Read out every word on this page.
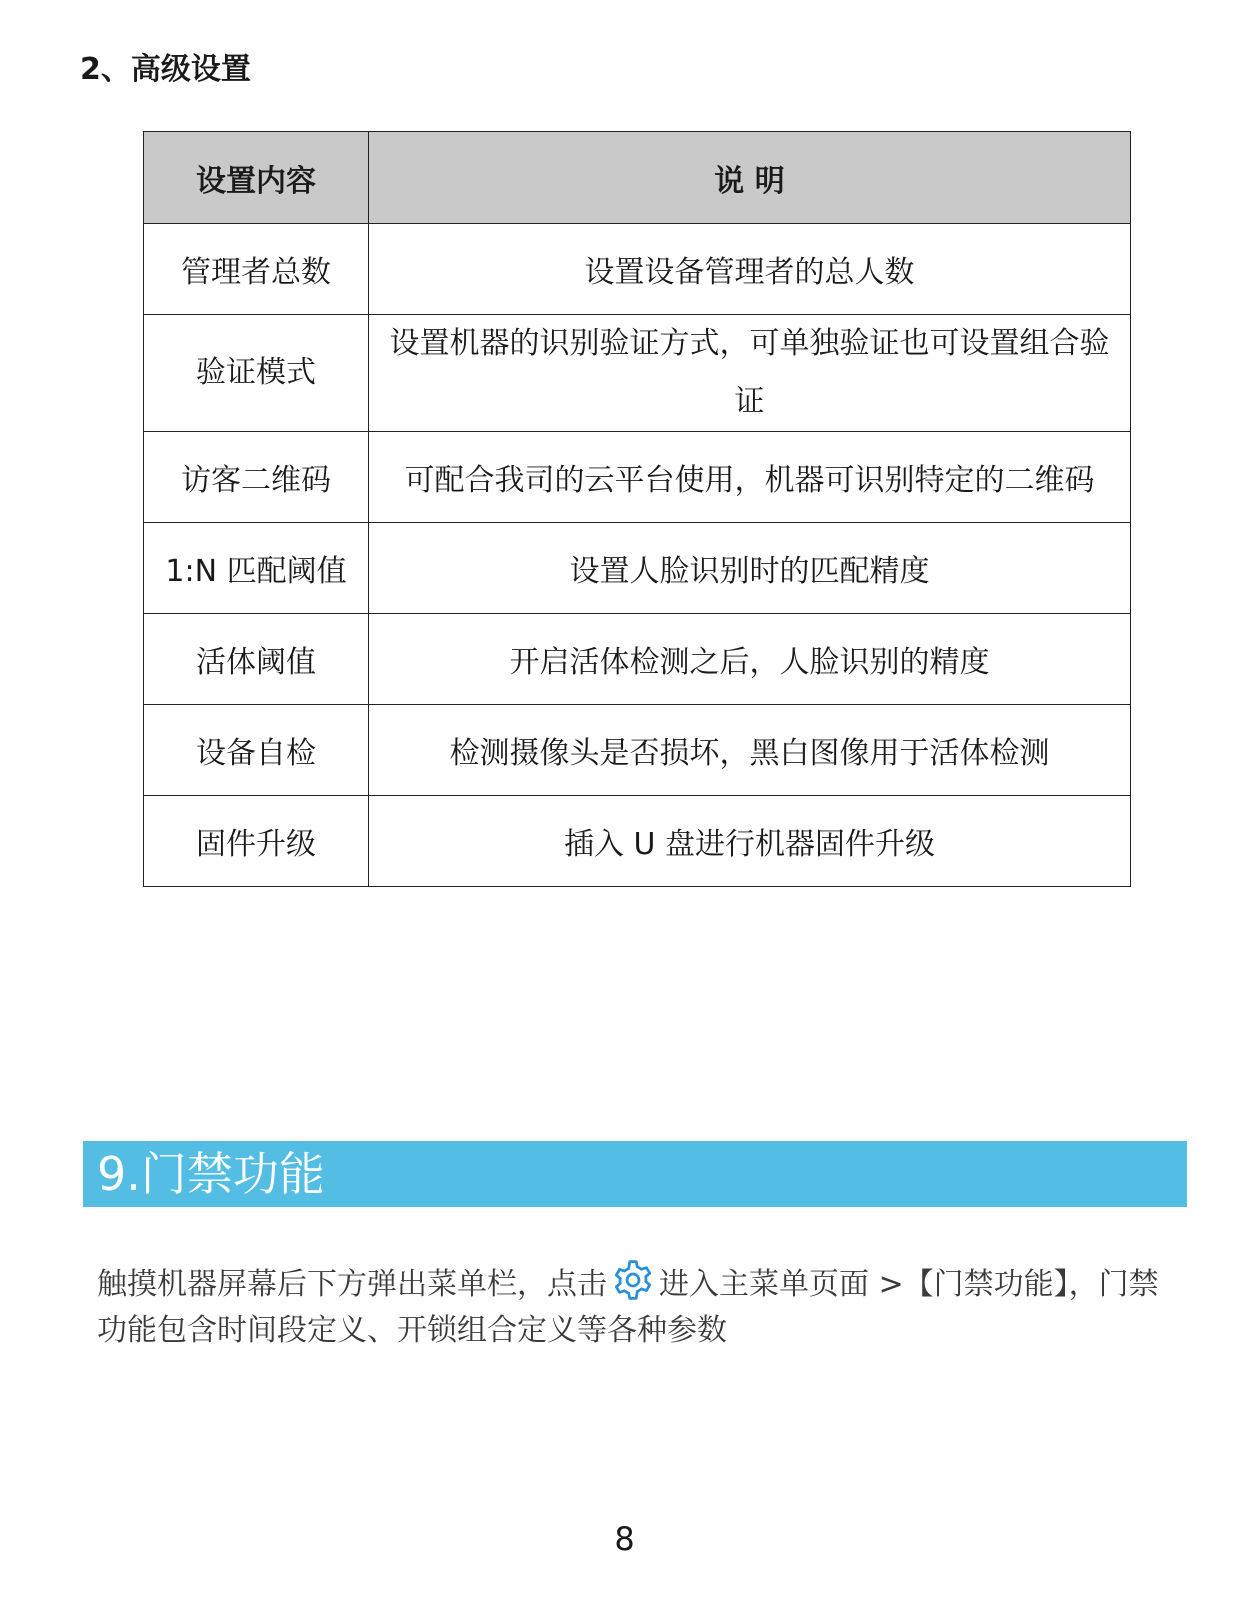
2、高级设置
设置内容	说 明
管理者总数	设置设备管理者的总人数
验证模式	设置机器的识别验证方式，可单独验证也可设置组合验证
访客二维码	可配合我司的云平台使用，机器可识别特定的二维码
1:N 匹配阈值	设置人脸识别时的匹配精度
活体阈值	开启活体检测之后，人脸识别的精度
设备自检	检测摄像头是否损坏，黑白图像用于活体检测
固件升级	插入 U 盘进行机器固件升级
9.门禁功能

触摸机器屏幕后下方弹出菜单栏，点击 进入主菜单页面 >【门禁功能】，门禁功能包含时间段定义、开锁组合定义等各种参数

8
